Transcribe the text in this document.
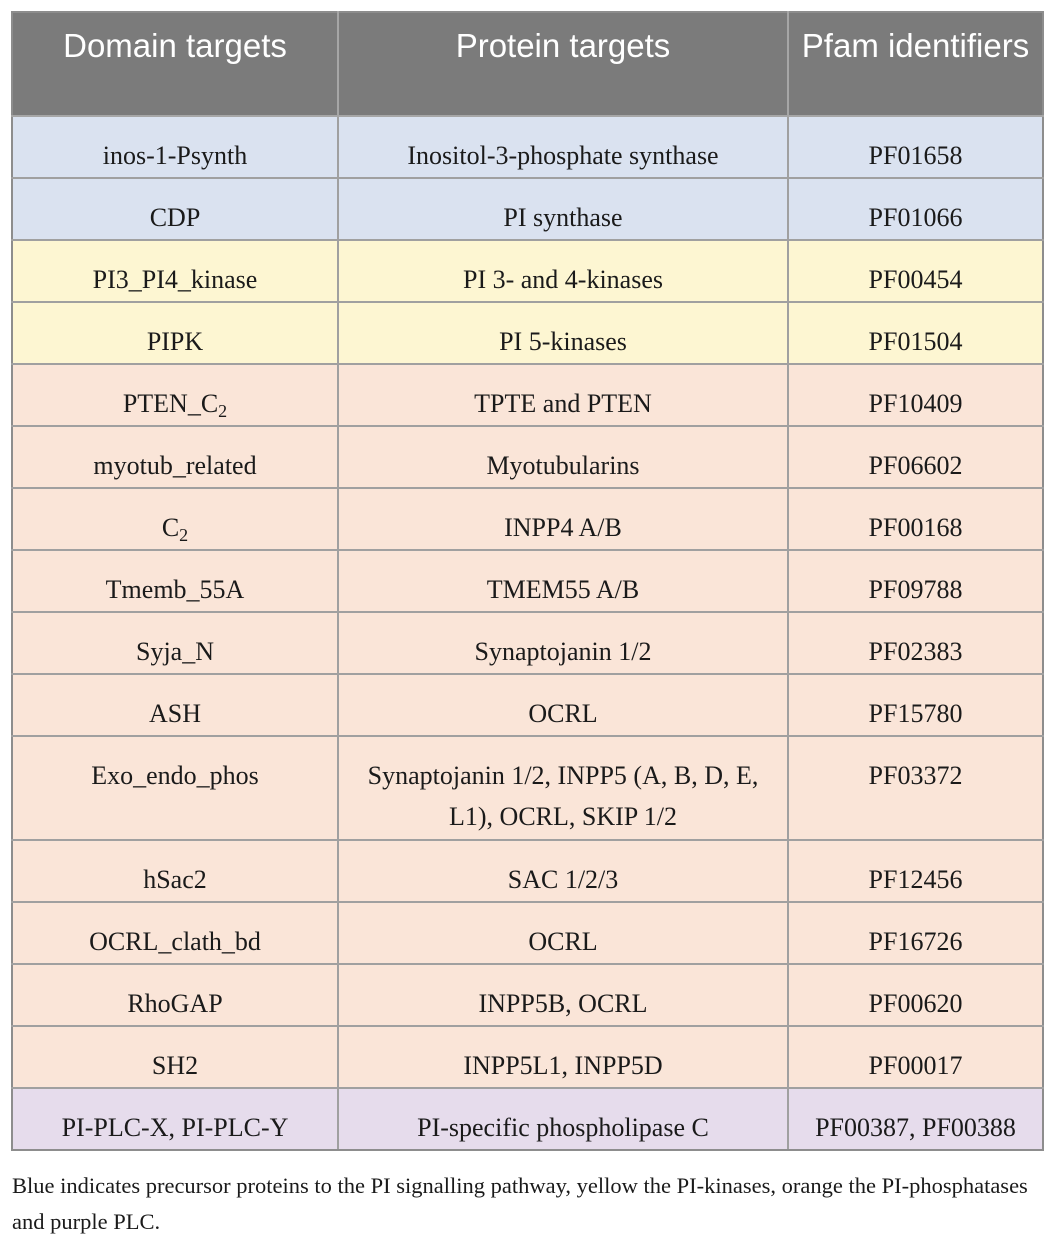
Domain targets	Protein targets	Pfam identifiers
inos-1-Psynth	Inositol-3-phosphate synthase	PF01658
CDP	PI synthase	PF01066
PI3_PI4_kinase	PI 3- and 4-kinases	PF00454
PIPK	PI 5-kinases	PF01504
$PTEN\_C_2$	TPTE and PTEN	PF10409
myotub_related	Myotubularins	PF06602
$C_2$	INPP4 A/B	PF00168
Tmemb_55A	TMEM55 A/B	PF09788
Syja_N	Synaptojanin 1/2	PF02383
ASH	OCRL	PF15780
Exo_endo_phos	Synaptojanin 1/2, INPP5 (A, B, D, E, L1), OCRL, SKIP 1/2	PF03372
hSac2	SAC 1/2/3	PF12456
OCRL_clath_bd	OCRL	PF16726
RhoGAP	INPP5B, OCRL	PF00620
SH2	INPP5L1, INPP5D	PF00017
PI-PLC-X, PI-PLC-Y	PI-specific phospholipase C	PF00387, PF00388

Blue indicates precursor proteins to the PI signalling pathway, yellow the PI-kinases, orange the PI-phosphatases and purple PLC.
